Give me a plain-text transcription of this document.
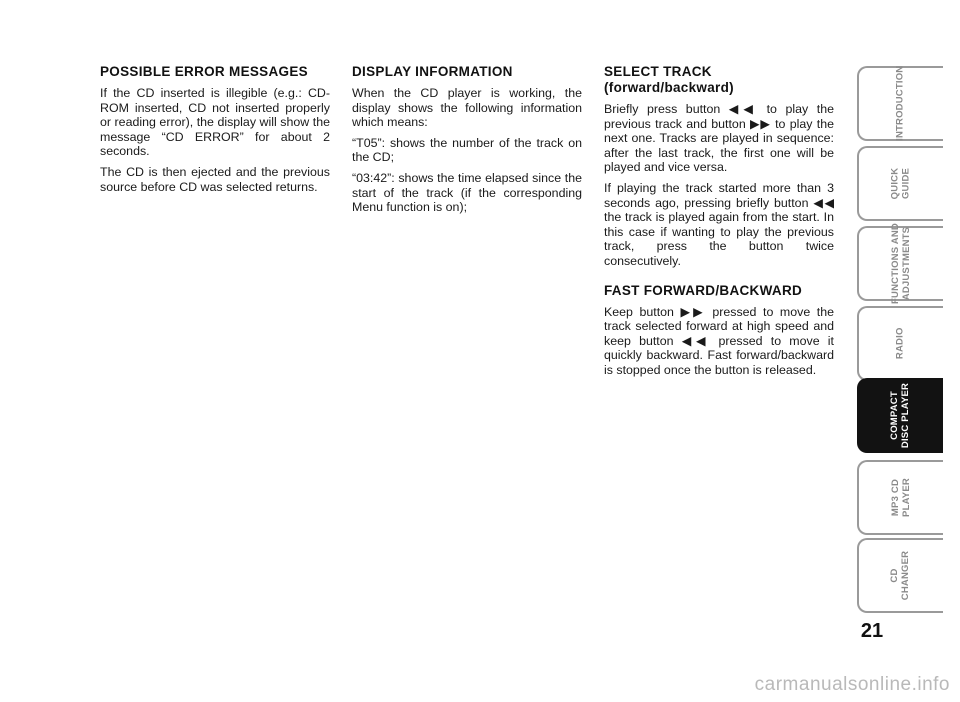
POSSIBLE ERROR MESSAGES

If the CD inserted is illegible (e.g.: CD-ROM inserted, CD not inserted properly or reading error), the display will show the message “CD ERROR” for about 2 seconds.

The CD is then ejected and the previous source before CD was selected returns.

DISPLAY INFORMATION

When the CD player is working, the display shows the following information which means:

“T05”: shows the number of the track on the CD;

“03:42”: shows the time elapsed since the start of the track (if the corresponding Menu function is on);

SELECT TRACK (forward/backward)

Briefly press button ◀◀ to play the previous track and button ▶▶ to play the next one. Tracks are played in sequence: after the last track, the first one will be played and vice versa.

If playing the track started more than 3 seconds ago, pressing briefly button ◀◀ the track is played again from the start. In this case if wanting to play the previous track, press the button twice consecutively.

FAST FORWARD/BACKWARD

Keep button ▶▶ pressed to move the track selected forward at high speed and keep button ◀◀ pressed to move it quickly backward. Fast forward/backward is stopped once the button is released.

INTRODUCTION
QUICK
GUIDE
FUNCTIONS AND
ADJUSTMENTS
RADIO
COMPACT
DISC PLAYER
MP3 CD
PLAYER
CD
CHANGER
21
carmanualsonline.info
